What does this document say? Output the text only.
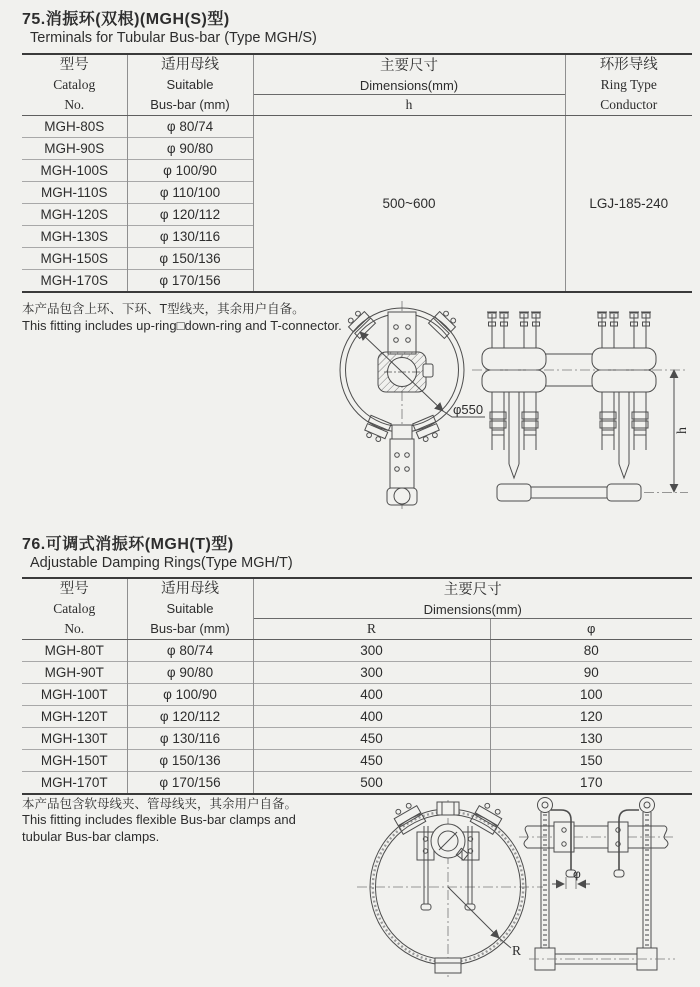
75.消振环(双根)(MGH(S)型)
Terminals for Tubular Bus-bar (Type MGH/S)
型号
Catalog
No.

适用母线
Suitable
Bus-bar (mm)

主要尺寸
Dimensions(mm)
h

环形导线
Ring Type
Conductor

MGH-80S	φ 80/74	500~600	LGJ-185-240
MGH-90S	φ 90/80		
MGH-100S	φ 100/90		
MGH-110S	φ 110/100		
MGH-120S	φ 120/112		
MGH-130S	φ 130/116		
MGH-150S	φ 150/136		
MGH-170S	φ 170/156		
本产品包含上环、下环、T型线夹，其余用户自备。
This fitting includes up-ring□down-ring and T-connector.
φ550
h
76.可调式消振环(MGH(T)型)
Adjustable Damping Rings(Type MGH/T)
型号
Catalog
No.

适用母线
Suitable
Bus-bar (mm)

主要尺寸
Dimensions(mm)
R	φ

MGH-80T	φ 80/74	300	80
MGH-90T	φ 90/80	300	90
MGH-100T	φ 100/90	400	100
MGH-120T	φ 120/112	400	120
MGH-130T	φ 130/116	450	130
MGH-150T	φ 150/136	450	150
MGH-170T	φ 170/156	500	170
本产品包含软母线夹、管母线夹，其余用户自备。
This fitting includes flexible Bus-bar clamps and tubular Bus-bar clamps.
R
φ
